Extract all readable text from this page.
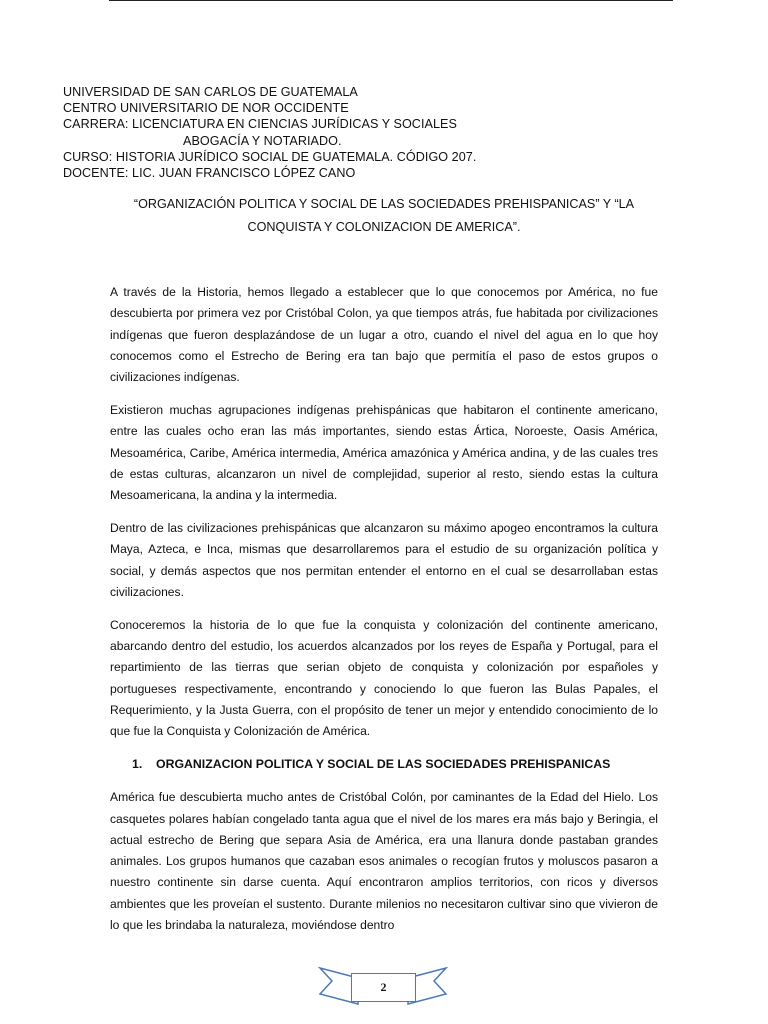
UNIVERSIDAD DE SAN CARLOS DE GUATEMALA
CENTRO UNIVERSITARIO DE NOR OCCIDENTE
CARRERA: LICENCIATURA EN CIENCIAS JURÍDICAS Y SOCIALES
ABOGACÍA Y NOTARIADO.
CURSO: HISTORIA JURÍDICO SOCIAL DE GUATEMALA. CÓDIGO 207.
DOCENTE: LIC. JUAN FRANCISCO LÓPEZ CANO
“ORGANIZACIÓN POLITICA Y SOCIAL DE LAS SOCIEDADES PREHISPANICAS” Y “LA CONQUISTA Y COLONIZACION DE AMERICA”.

A través de la Historia, hemos llegado a establecer que lo que conocemos por América, no fue descubierta por primera vez por Cristóbal Colon, ya que tiempos atrás, fue habitada por civilizaciones indígenas que fueron desplazándose de un lugar a otro, cuando el nivel del agua en lo que hoy conocemos como el Estrecho de Bering era tan bajo que permitía el paso de estos grupos o civilizaciones indígenas.

Existieron muchas agrupaciones indígenas prehispánicas que habitaron el continente americano, entre las cuales ocho eran las más importantes, siendo estas Ártica, Noroeste, Oasis América, Mesoamérica, Caribe, América intermedia, América amazónica y América andina, y de las cuales tres de estas culturas, alcanzaron un nivel de complejidad, superior al resto, siendo estas la cultura Mesoamericana, la andina y la intermedia.

Dentro de las civilizaciones prehispánicas que alcanzaron su máximo apogeo encontramos la cultura Maya, Azteca, e Inca, mismas que desarrollaremos para el estudio de su organización política y social, y demás aspectos que nos permitan entender el entorno en el cual se desarrollaban estas civilizaciones.

Conoceremos la historia de lo que fue la conquista y colonización del continente americano, abarcando dentro del estudio, los acuerdos alcanzados por los reyes de España y Portugal, para el repartimiento de las tierras que serian objeto de conquista y colonización por españoles y portugueses respectivamente, encontrando y conociendo lo que fueron las Bulas Papales, el Requerimiento, y la Justa Guerra, con el propósito de tener un mejor y entendido conocimiento de lo que fue la Conquista y Colonización de América.

1. ORGANIZACION POLITICA Y SOCIAL DE LAS SOCIEDADES PREHISPANICAS

América fue descubierta mucho antes de Cristóbal Colón, por caminantes de la Edad del Hielo. Los casquetes polares habían congelado tanta agua que el nivel de los mares era más bajo y Beringia, el actual estrecho de Bering que separa Asia de América, era una llanura donde pastaban grandes animales. Los grupos humanos que cazaban esos animales o recogían frutos y moluscos pasaron a nuestro continente sin darse cuenta. Aquí encontraron amplios territorios, con ricos y diversos ambientes que les proveían el sustento. Durante milenios no necesitaron cultivar sino que vivieron de lo que les brindaba la naturaleza, moviéndose dentro

2
